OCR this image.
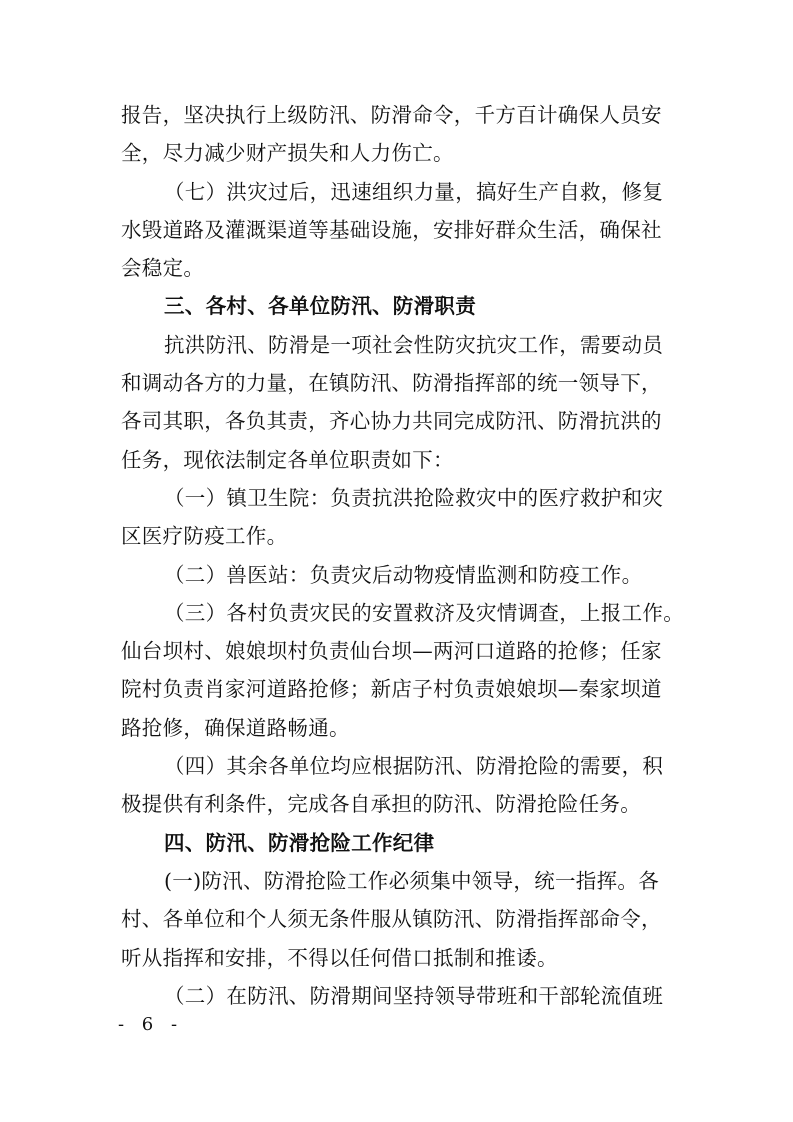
报告，坚决执行上级防汛、防滑命令，千方百计确保人员安
全，尽力减少财产损失和人力伤亡。
（七）洪灾过后，迅速组织力量，搞好生产自救，修复
水毁道路及灌溉渠道等基础设施，安排好群众生活，确保社
会稳定。
三、各村、各单位防汛、防滑职责
抗洪防汛、防滑是一项社会性防灾抗灾工作，需要动员
和调动各方的力量，在镇防汛、防滑指挥部的统一领导下，
各司其职，各负其责，齐心协力共同完成防汛、防滑抗洪的
任务，现依法制定各单位职责如下：
（一）镇卫生院：负责抗洪抢险救灾中的医疗救护和灾
区医疗防疫工作。
（二）兽医站：负责灾后动物疫情监测和防疫工作。
（三）各村负责灾民的安置救济及灾情调查，上报工作。
仙台坝村、娘娘坝村负责仙台坝—两河口道路的抢修；任家
院村负责肖家河道路抢修；新店子村负责娘娘坝—秦家坝道
路抢修，确保道路畅通。
（四）其余各单位均应根据防汛、防滑抢险的需要，积
极提供有利条件，完成各自承担的防汛、防滑抢险任务。
四、防汛、防滑抢险工作纪律
(一)防汛、防滑抢险工作必须集中领导，统一指挥。各
村、各单位和个人须无条件服从镇防汛、防滑指挥部命令，
听从指挥和安排，不得以任何借口抵制和推诿。
（二）在防汛、防滑期间坚持领导带班和干部轮流值班
- 6 -
